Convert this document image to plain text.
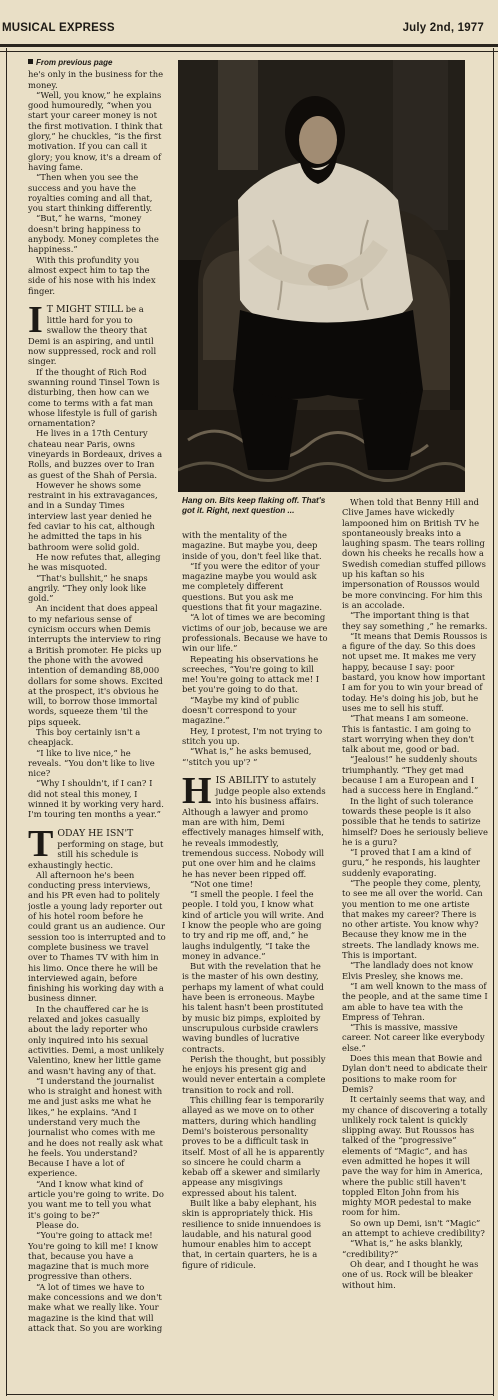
MUSICAL EXPRESS	July 2nd, 1977

From previous page

he's only in the business for the money.

“Well, you know,” he explains good humouredly, “when you start your career money is not the first motivation. I think that glory,” he chuckles, “is the first motivation. If you can call it glory; you know, it's a dream of having fame.

“Then when you see the success and you have the royalties coming and all that, you start thinking differently.

“But,” he warns, “money doesn't bring happiness to anybody. Money completes the happiness.”

With this profundity you almost expect him to tap the side of his nose with his index finger.

I T MIGHT STILL be a little hard for you to swallow the theory that Demi is an aspiring, and until now suppressed, rock and roll singer.

If the thought of Rich Rod swanning round Tinsel Town is disturbing, then how can we come to terms with a fat man whose lifestyle is full of garish ornamentation?

He lives in a 17th Century chateau near Paris, owns vineyards in Bordeaux, drives a Rolls, and buzzes over to Iran as guest of the Shah of Persia.

However he shows some restraint in his extravagances, and in a Sunday Times interview last year denied he fed caviar to his cat, although he admitted the taps in his bathroom were solid gold.

He now refutes that, alleging he was misquoted.

“That's bullshit,” he snaps angrily. “They only look like gold.”

An incident that does appeal to my nefarious sense of cynicism occurs when Demis interrupts the interview to ring a British promoter. He picks up the phone with the avowed intention of demanding 88,000 dollars for some shows. Excited at the prospect, it's obvious he will, to borrow those immortal words, squeeze them 'til the pips squeek.

This boy certainly isn't a cheapjack.

“I like to live nice,” he reveals. “You don't like to live nice?

“Why I shouldn't, if I can? I did not steal this money, I winned it by working very hard. I'm touring ten months a year.”

TODAY HE ISN'T performing on stage, but still his schedule is exhaustingly hectic.

All afternoon he's been conducting press interviews, and his PR even had to politely jostle a young lady reporter out of his hotel room before he could grant us an audience. Our session too is interrupted and to complete business we travel over to Thames TV with him in his limo. Once there he will be interviewed again, before finishing his working day with a business dinner.

In the chauffered car he is relaxed and jokes casually about the lady reporter who only inquired into his sexual activities. Demi, a most unlikely Valentino, knew her little game and wasn't having any of that.

“I understand the journalist who is straight and honest with me and just asks me what he likes,” he explains. “And I understand very much the journalist who comes with me and he does not really ask what he feels. You understand? Because I have a lot of experience.

“And I know what kind of article you're going to write. Do you want me to tell you what it's going to be?”

Please do.

“You're going to attack me! You're going to kill me! I know that, because you have a magazine that is much more progressive than others.

“A lot of times we have to make concessions and we don't make what we really like. Your magazine is the kind that will attack that. So you are working

Hang on. Bits keep flaking off. That's got it. Right, next question ...

with the mentality of the magazine. But maybe you, deep inside of you, don't feel like that.

“If you were the editor of your magazine maybe you would ask me completely different questions. But you ask me questions that fit your magazine.

“A lot of times we are becoming victims of our job, because we are professionals. Because we have to win our life.”

Repeating his observations he screeches, “You're going to kill me! You're going to attack me! I bet you're going to do that.

“Maybe my kind of public doesn't correspond to your magazine.”

Hey, I protest, I'm not trying to stitch you up.

“What is,” he asks bemused, “'stitch you up'? ”

HIS ABILITY to astutely judge people also extends into his business affairs. Although a lawyer and promo man are with him, Demi effectively manages himself with, he reveals immodestly, tremendous success. Nobody will put one over him and he claims he has never been ripped off.

“Not one time!

“I smell the people. I feel the people. I told you, I know what kind of article you will write. And I know the people who are going to try and rip me off, and,” he laughs indulgently, “I take the money in advance.”

But with the revelation that he is the master of his own destiny, perhaps my lament of what could have been is erroneous. Maybe his talent hasn't been prostituted by music biz pimps, exploited by unscrupulous curbside crawlers waving bundles of lucrative contracts.

Perish the thought, but possibly he enjoys his present gig and would never entertain a complete transition to rock and roll.

This chilling fear is temporarily allayed as we move on to other matters, during which handling Demi's boisterous personality proves to be a difficult task in itself. Most of all he is apparently so sincere he could charm a kebab off a skewer and similarly appease any misgivings expressed about his talent.

Built like a baby elephant, his skin is appropriately thick. His resilience to snide innuendoes is laudable, and his natural good humour enables him to accept that, in certain quarters, he is a figure of ridicule.

When told that Benny Hill and Clive James have wickedly lampooned him on British TV he spontaneously breaks into a laughing spasm. The tears rolling down his cheeks he recalls how a Swedish comedian stuffed pillows up his kaftan so his impersonation of Roussos would be more convincing. For him this is an accolade.

“The important thing is that they say something ,” he remarks.

“It means that Demis Roussos is a figure of the day. So this does not upset me. It makes me very happy, because I say: poor bastard, you know how important I am for you to win your bread of today. He's doing his job, but he uses me to sell his stuff.

“That means I am someone. This is fantastic. I am going to start worrying when they don't talk about me, good or bad.

“Jealous!” he suddenly shouts triumphantly. “They get mad because I am a European and I had a success here in England.”

In the light of such tolerance towards these people is it also possible that he tends to satirize himself? Does he seriously believe he is a guru?

“I proved that I am a kind of guru,” he responds, his laughter suddenly evaporating.

“The people they come, plenty, to see me all over the world. Can you mention to me one artiste that makes my career? There is no other artiste. You know why? Because they know me in the streets. The landlady knows me. This is important.

“The landlady does not know Elvis Presley, she knows me.

“I am well known to the mass of the people, and at the same time I am able to have tea with the Empress of Tehran.

“This is massive, massive career. Not career like everybody else.”

Does this mean that Bowie and Dylan don't need to abdicate their positions to make room for Demis?

It certainly seems that way, and my chance of discovering a totally unlikely rock talent is quickly slipping away. But Roussos has talked of the “progressive” elements of “Magic”, and has even admitted he hopes it will pave the way for him in America, where the public still haven't toppled Elton John from his mighty MOR pedestal to make room for him.

So own up Demi, isn't “Magic” an attempt to achieve credibility?

“What is,” he asks blankly, “credibility?”

Oh dear, and I thought he was one of us. Rock will be bleaker without him.
